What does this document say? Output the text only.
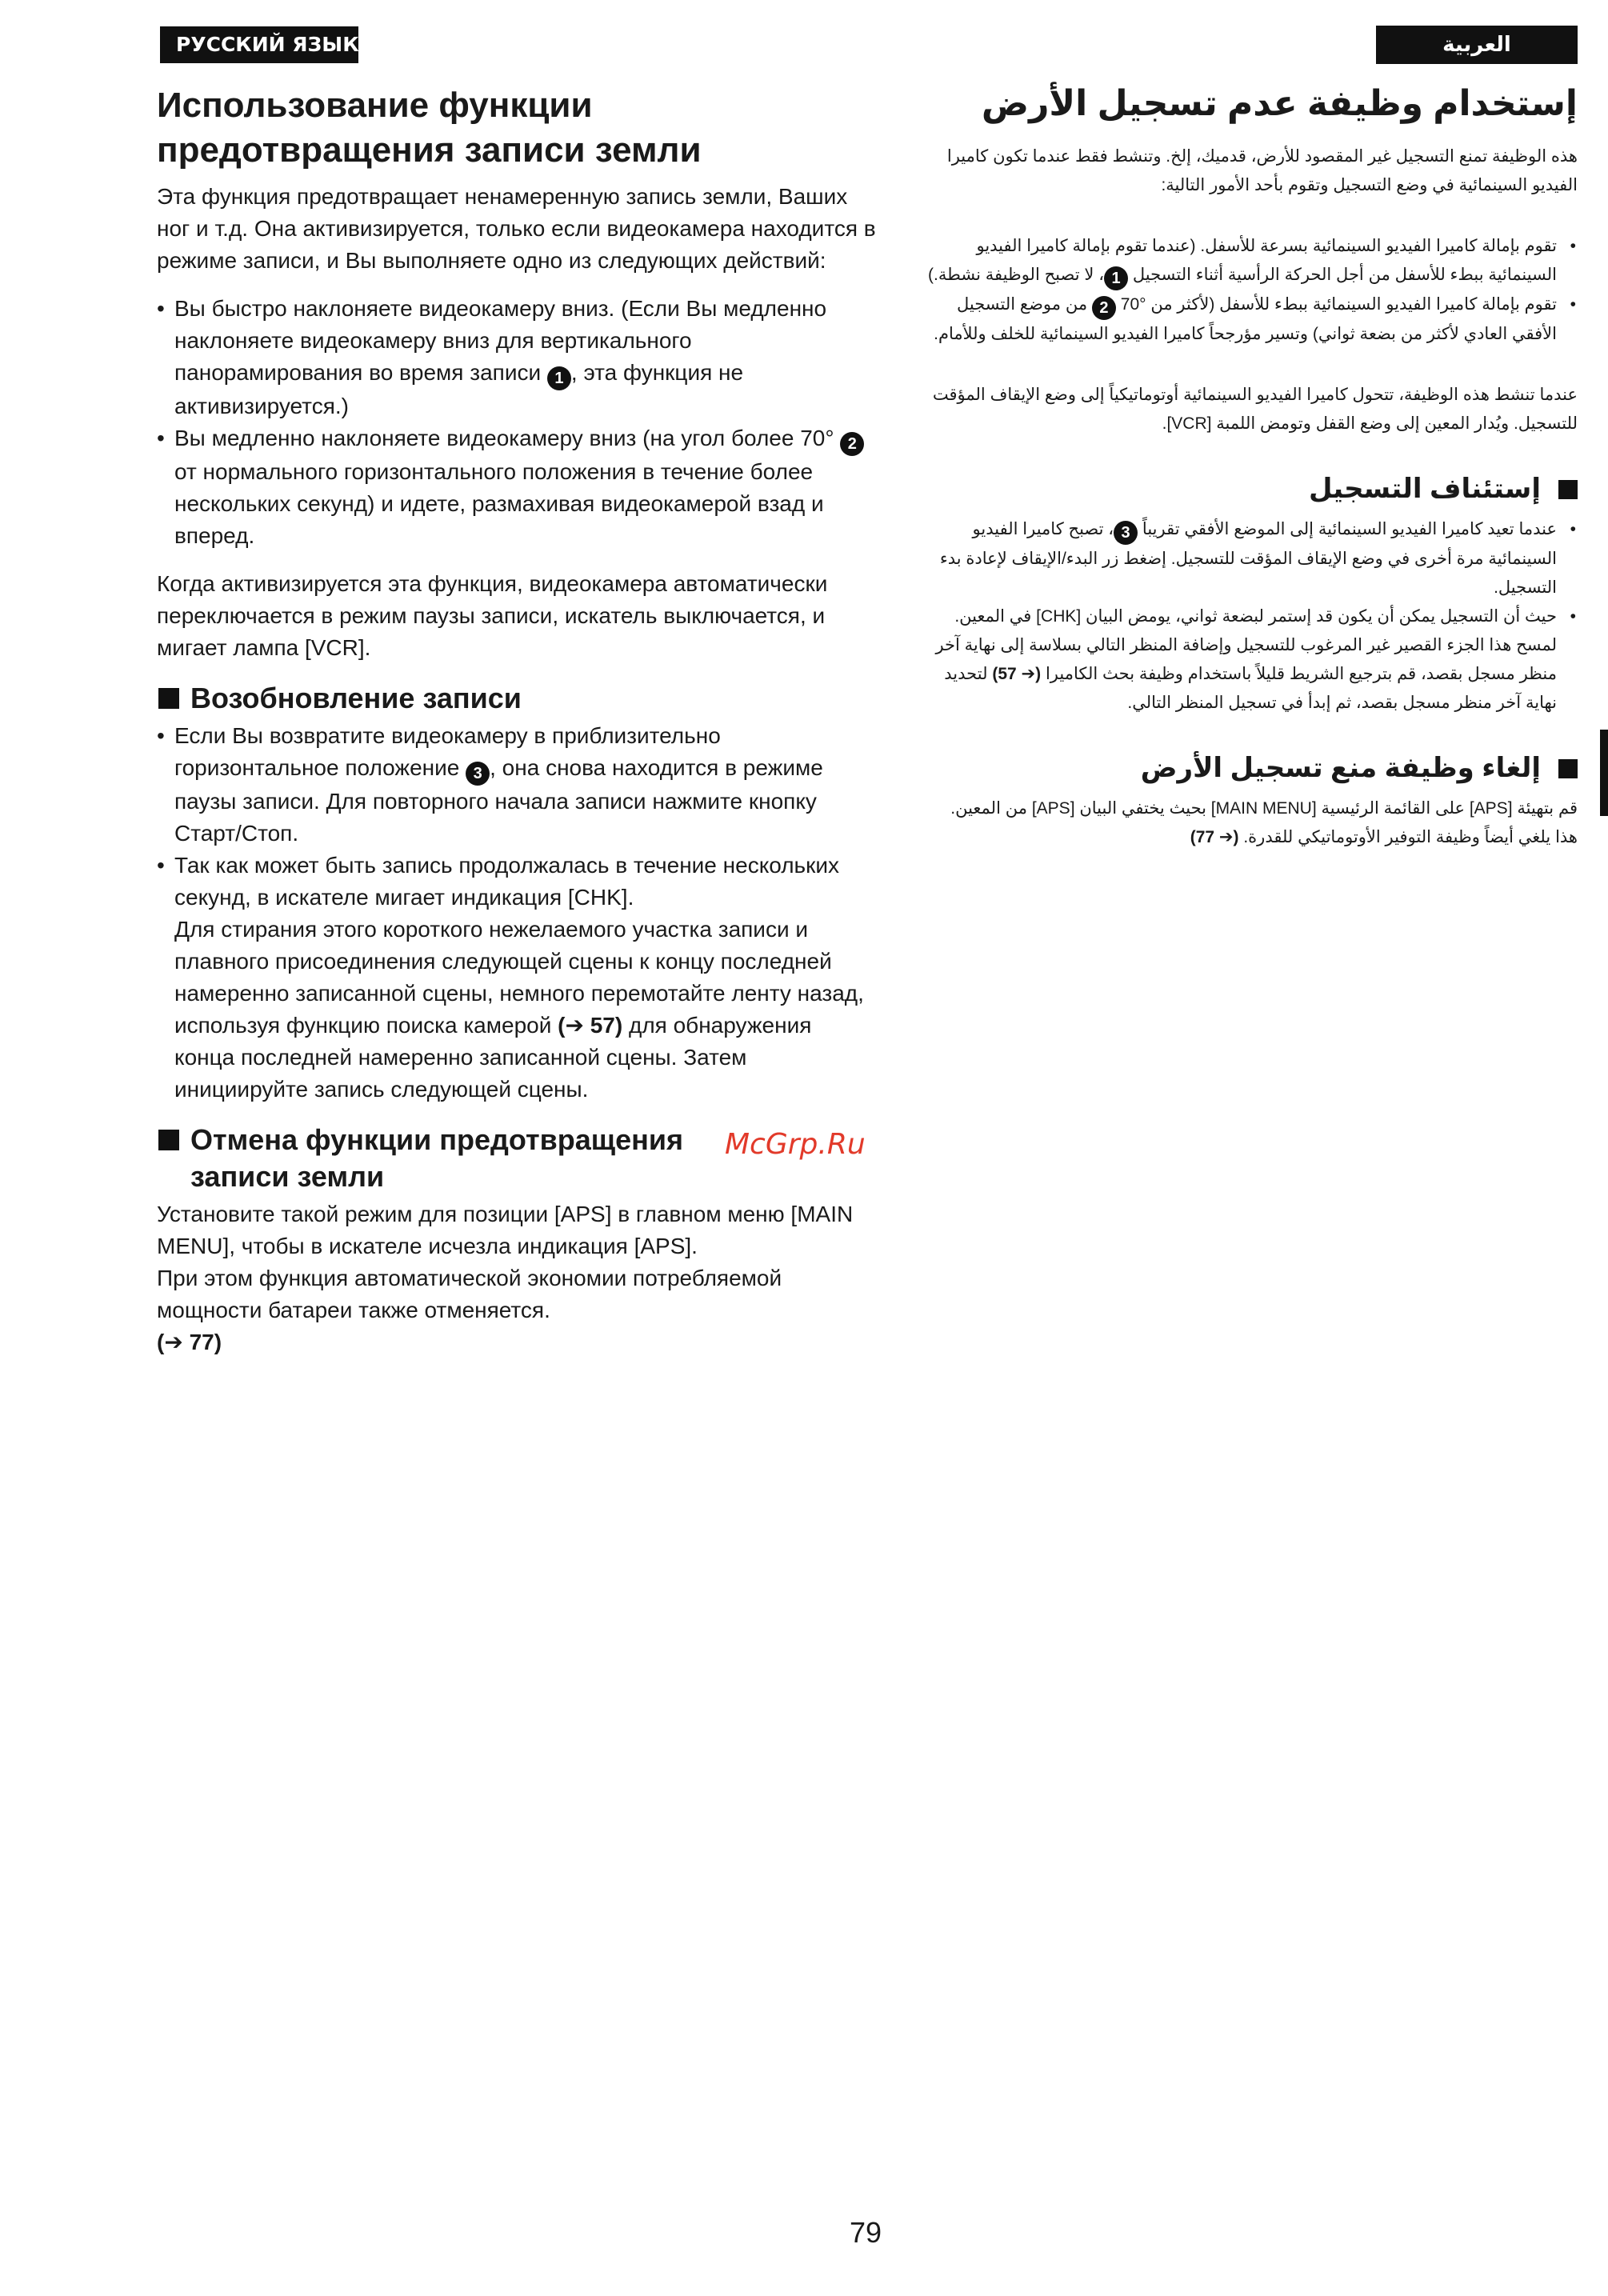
РУССКИЙ ЯЗЫК	العربية
Использование функции
предотвращения записи земли

Эта функция предотвращает ненамеренную запись земли, Ваших ног и т.д. Она активизируется, только если видеокамера находится в режиме записи, и Вы выполняете одно из следующих действий:

• Вы быстро наклоняете видеокамеру вниз. (Если Вы медленно наклоняете видеокамеру вниз для вертикального панорамирования во время записи 1 , эта функция не активизируется.)
• Вы медленно наклоняете видеокамеру вниз (на угол более 70° 2 от нормального горизонтального положения в течение более нескольких секунд) и идете, размахивая видеокамерой взад и вперед.

Когда активизируется эта функция, видеокамера автоматически переключается в режим паузы записи, искатель выключается, и мигает лампа [VCR].

Возобновление записи
• Если Вы возвратите видеокамеру в приблизительно горизонтальное положение 3 , она снова находится в режиме паузы записи. Для повторного начала записи нажмите кнопку Старт/Стоп.
• Так как может быть запись продолжалась в течение нескольких секунд, в искателе мигает индикация [CHK].

Для стирания этого короткого нежелаемого участка записи и плавного присоединения следующей сцены к концу последней намеренно записанной сцены, немного перемотайте ленту назад, используя функцию поиска камерой (➔ 57) для обнаружения конца последней намеренно записанной сцены. Затем инициируйте запись следующей сцены.

Отмена функции предотвращения
записи земли

Установите такой режим для позиции [APS] в главном меню [MAIN MENU], чтобы в искателе исчезла индикация [APS].

При этом функция автоматической экономии потребляемой мощности батареи также отменяется.

(➔ 77)

إستخدام وظيفة عدم تسجيل الأرض

هذه الوظيفة تمنع التسجيل غير المقصود للأرض، قدميك، إلخ. وتنشط فقط عندما تكون كاميرا الفيديو السينمائية في وضع التسجيل وتقوم بأحد الأمور التالية:

• تقوم بإمالة كاميرا الفيديو السينمائية بسرعة للأسفل. (عندما تقوم بإمالة كاميرا الفيديو السينمائية ببطء للأسفل من أجل الحركة الرأسية أثناء التسجيل 1، لا تصبح الوظيفة نشطة.)
• تقوم بإمالة كاميرا الفيديو السينمائية ببطء للأسفل (لأكثر من °70 2 من موضع التسجيل الأفقي العادي لأكثر من بضعة ثواني) وتسير مؤرجحاً كاميرا الفيديو السينمائية للخلف وللأمام.

عندما تنشط هذه الوظيفة، تتحول كاميرا الفيديو السينمائية أوتوماتيكياً إلى وضع الإيقاف المؤقت للتسجيل. ويُدار المعين إلى وضع القفل وتومض اللمبة [VCR].

إستئناف التسجيل
• عندما تعيد كاميرا الفيديو السينمائية إلى الموضع الأفقي تقريباً 3، تصبح كاميرا الفيديو السينمائية مرة أخرى في وضع الإيقاف المؤقت للتسجيل. إضغط زر البدء/الإيقاف لإعادة بدء التسجيل.
• حيث أن التسجيل يمكن أن يكون قد إستمر لبضعة ثواني، يومض البيان [CHK] في المعين. لمسح هذا الجزء القصير غير المرغوب للتسجيل وإضافة المنظر التالي بسلاسة إلى نهاية آخر منظر مسجل بقصد، قم بترجيع الشريط قليلاً باستخدام وظيفة بحث الكاميرا (➔ 57) لتحديد نهاية آخر منظر مسجل بقصد، ثم إبدأ في تسجيل المنظر التالي.
إلغاء وظيفة منع تسجيل الأرض

قم بتهيئة [APS] على القائمة الرئيسية [MAIN MENU] بحيث يختفي البيان [APS] من المعين.

هذا يلغي أيضاً وظيفة التوفير الأوتوماتيكي للقدرة. (➔ 77)

McGrp.Ru
79
